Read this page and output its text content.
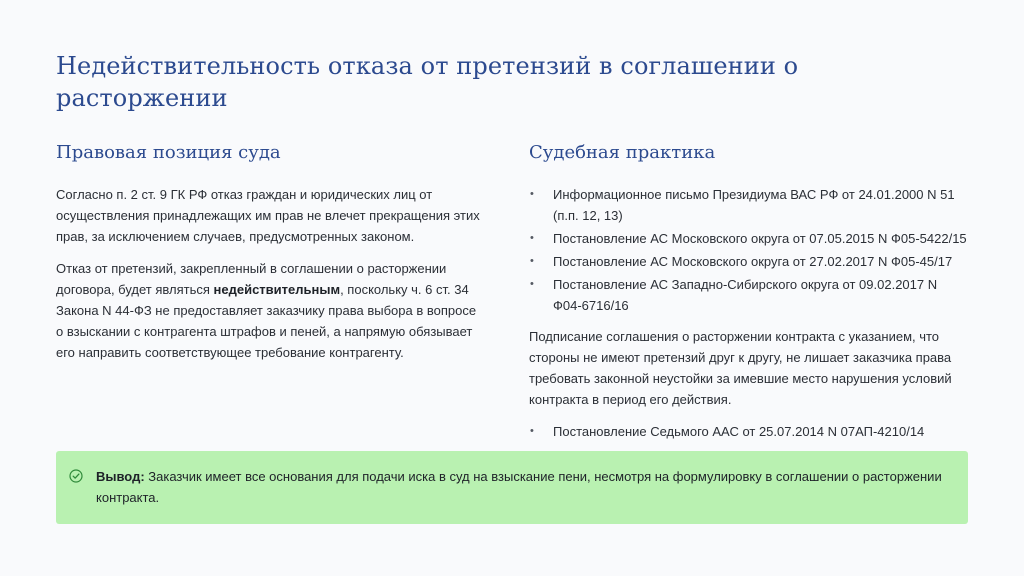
Недействительность отказа от претензий в соглашении о расторжении
Правовая позиция суда

Согласно п. 2 ст. 9 ГК РФ отказ граждан и юридических лиц от осуществления принадлежащих им прав не влечет прекращения этих прав, за исключением случаев, предусмотренных законом.

Отказ от претензий, закрепленный в соглашении о расторжении договора, будет являться недействительным, поскольку ч. 6 ст. 34 Закона N 44-ФЗ не предоставляет заказчику права выбора в вопросе о взыскании с контрагента штрафов и пеней, а напрямую обязывает его направить соответствующее требование контрагенту.

Судебная практика
• Информационное письмо Президиума ВАС РФ от 24.01.2000 N 51 (п.п. 12, 13)
• Постановление АС Московского округа от 07.05.2015 N Ф05-5422/15
• Постановление АС Московского округа от 27.02.2017 N Ф05-45/17
• Постановление АС Западно-Сибирского округа от 09.02.2017 N Ф04-6716/16

Подписание соглашения о расторжении контракта с указанием, что стороны не имеют претензий друг к другу, не лишает заказчика права требовать законной неустойки за имевшие место нарушения условий контракта в период его действия.

• Постановление Седьмого ААС от 25.07.2014 N 07АП-4210/14

Вывод: Заказчик имеет все основания для подачи иска в суд на взыскание пени, несмотря на формулировку в соглашении о расторжении контракта.
